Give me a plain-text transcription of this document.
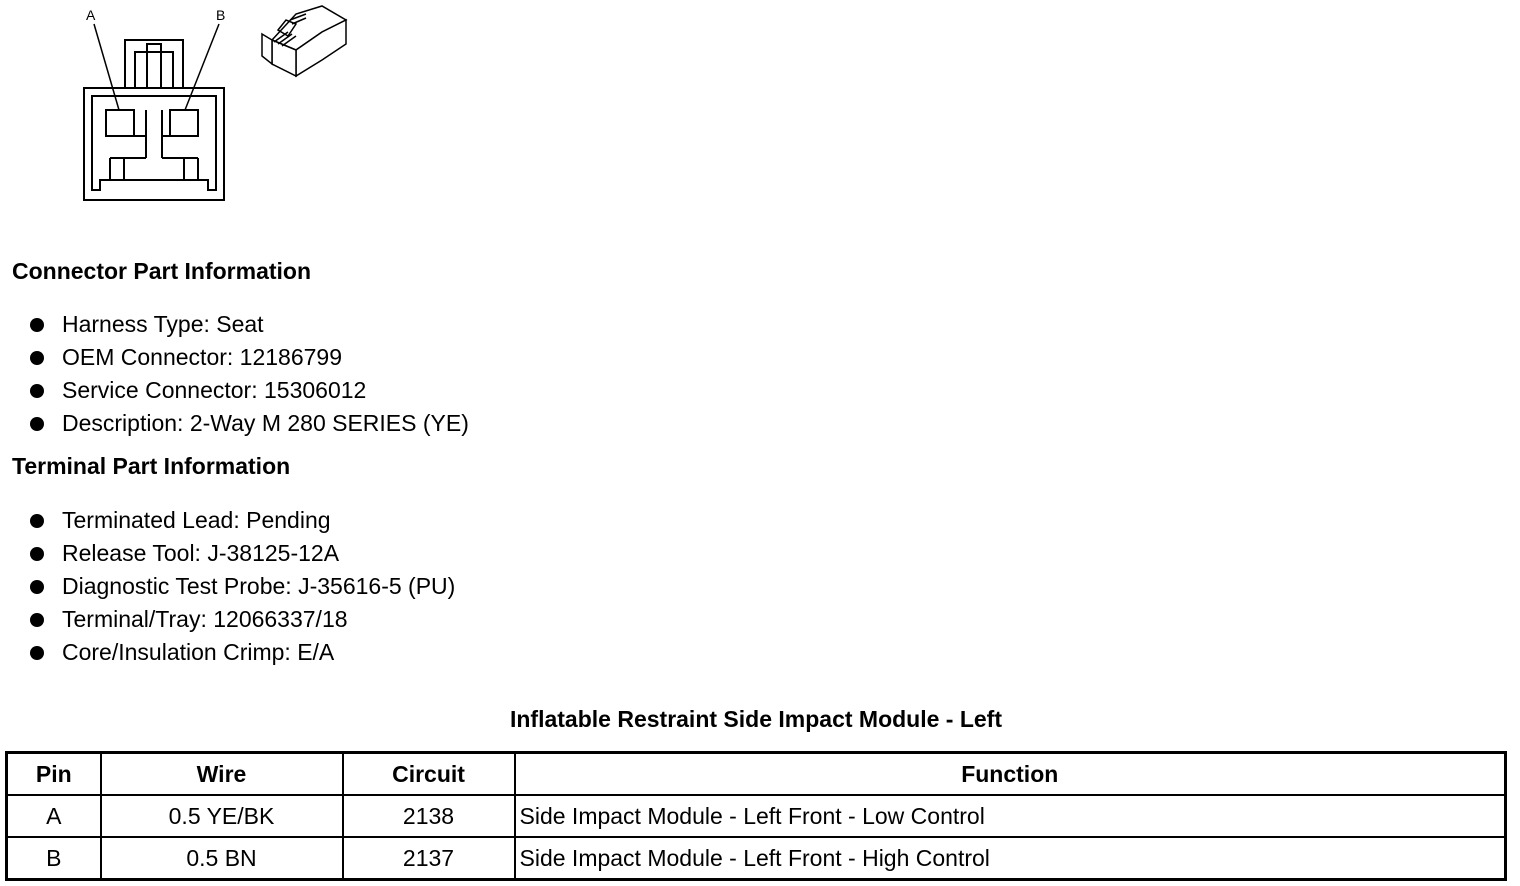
A	B
Connector Part Information
Harness Type: Seat
OEM Connector: 12186799
Service Connector: 15306012
Description: 2-Way M 280 SERIES (YE)
Terminal Part Information
Terminated Lead: Pending
Release Tool: J-38125-12A
Diagnostic Test Probe: J-35616-5 (PU)
Terminal/Tray: 12066337/18
Core/Insulation Crimp: E/A
Inflatable Restraint Side Impact Module - Left
Pin	Wire	Circuit	Function
A	0.5 YE/BK	2138	Side Impact Module - Left Front - Low Control
B	0.5 BN	2137	Side Impact Module - Left Front - High Control
